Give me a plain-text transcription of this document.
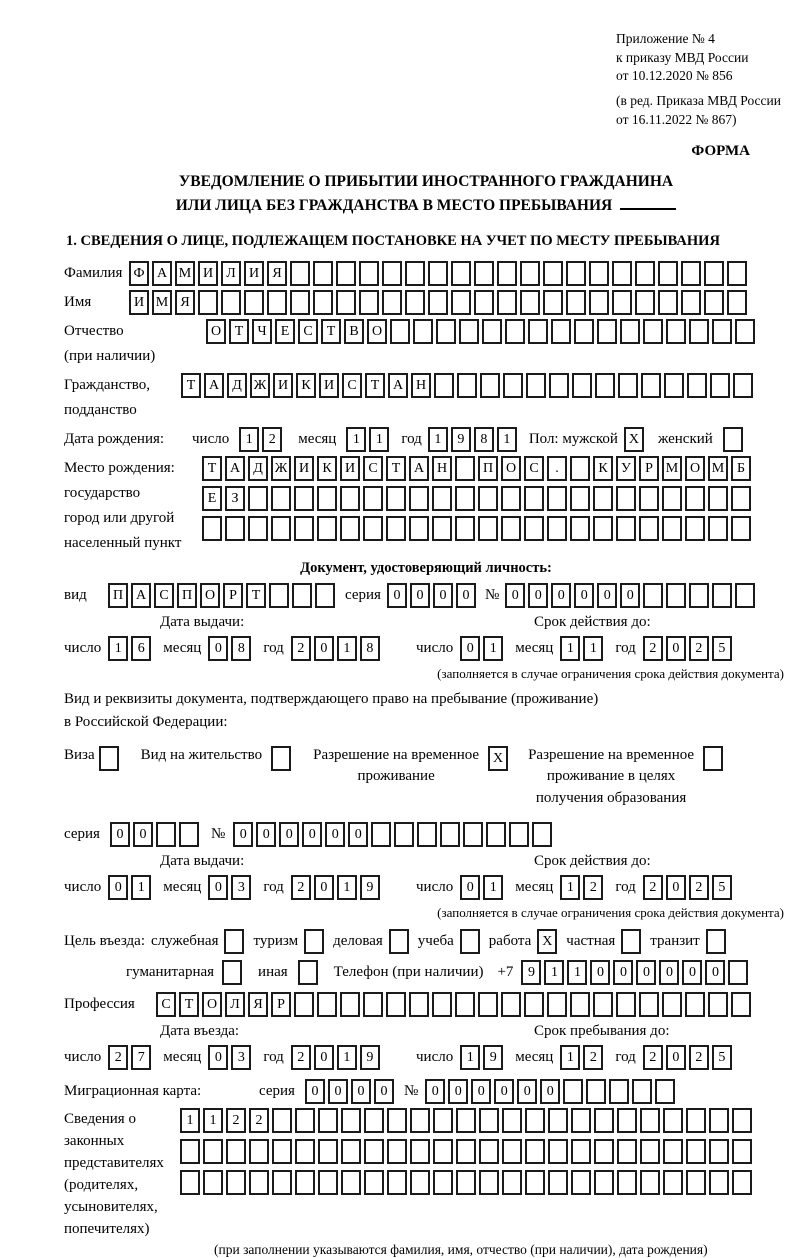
Приложение № 4
к приказу МВД России
от 10.12.2020 № 856
(в ред. Приказа МВД России
от 16.11.2022 № 867)
ФОРМА
УВЕДОМЛЕНИЕ О ПРИБЫТИИ ИНОСТРАННОГО ГРАЖДАНИНА
ИЛИ ЛИЦА БЕЗ ГРАЖДАНСТВА В МЕСТО ПРЕБЫВАНИЯ
1. СВЕДЕНИЯ О ЛИЦЕ, ПОДЛЕЖАЩЕМ ПОСТАНОВКЕ НА УЧЕТ ПО МЕСТУ ПРЕБЫВАНИЯ
Фамилия Ф А М И Л И Я
Имя	И М Я
Отчество
(при наличии)
О Т	Ч	Е	С	Т	В О
Гражданство,
подданство
Т А Д Ж И К И С	Т А Н
Дата рождения:	число	1	2	месяц	1	1	год 1	9	8	1	Пол: мужской X	женский
Место рождения:
государство
город или другой
населенный пункт
Т А Д Ж И К И С	Т А Н	П О С	.	К У	Р М О М Б

Е	З

Документ, удостоверяющий личность:
вид	П А С П О	Р	Т	серия 0	0	0	0	№ 0	0	0	0	0	0
Дата выдачи:
число 1	6	месяц 0	8	год 2	0	1	8
Срок действия до:
число 0	1	месяц 1	1	год 2	0	2	5
(заполняется в случае ограничения срока действия документа)
Вид и реквизиты документа, подтверждающего право на пребывание (проживание)
в Российской Федерации:
Виза	Вид на жительство	Разрешение на временное
проживание
X	Разрешение на временное
проживание в целях
получения образования
серия	0	0	№	0	0	0	0	0	0
Дата выдачи:
число 0	1	месяц 0	3	год 2	0	1	9
Срок действия до:
число 0	1	месяц 1	2	год 2	0	2	5
(заполняется в случае ограничения срока действия документа)
Цель въезда: служебная туризм деловая учеба работа X частная транзит
гуманитарная	иная	Телефон (при наличии) +7	9	1	1	0	0	0	0	0	0
Профессия	С	Т О Л Я	Р
Дата въезда:
число 2	7	месяц 0	3	год 2	0	1	9
Срок пребывания до:
число 1	9	месяц 1	2	год 2	0	2	5
Миграционная карта:	серия	0	0	0	0	№ 0	0	0	0	0	0
Сведения о
законных
представителях
(родителях,
усыновителях,
попечителях)
1	1	2	2

(при заполнении указываются фамилия, имя, отчество (при наличии), дата рождения)
